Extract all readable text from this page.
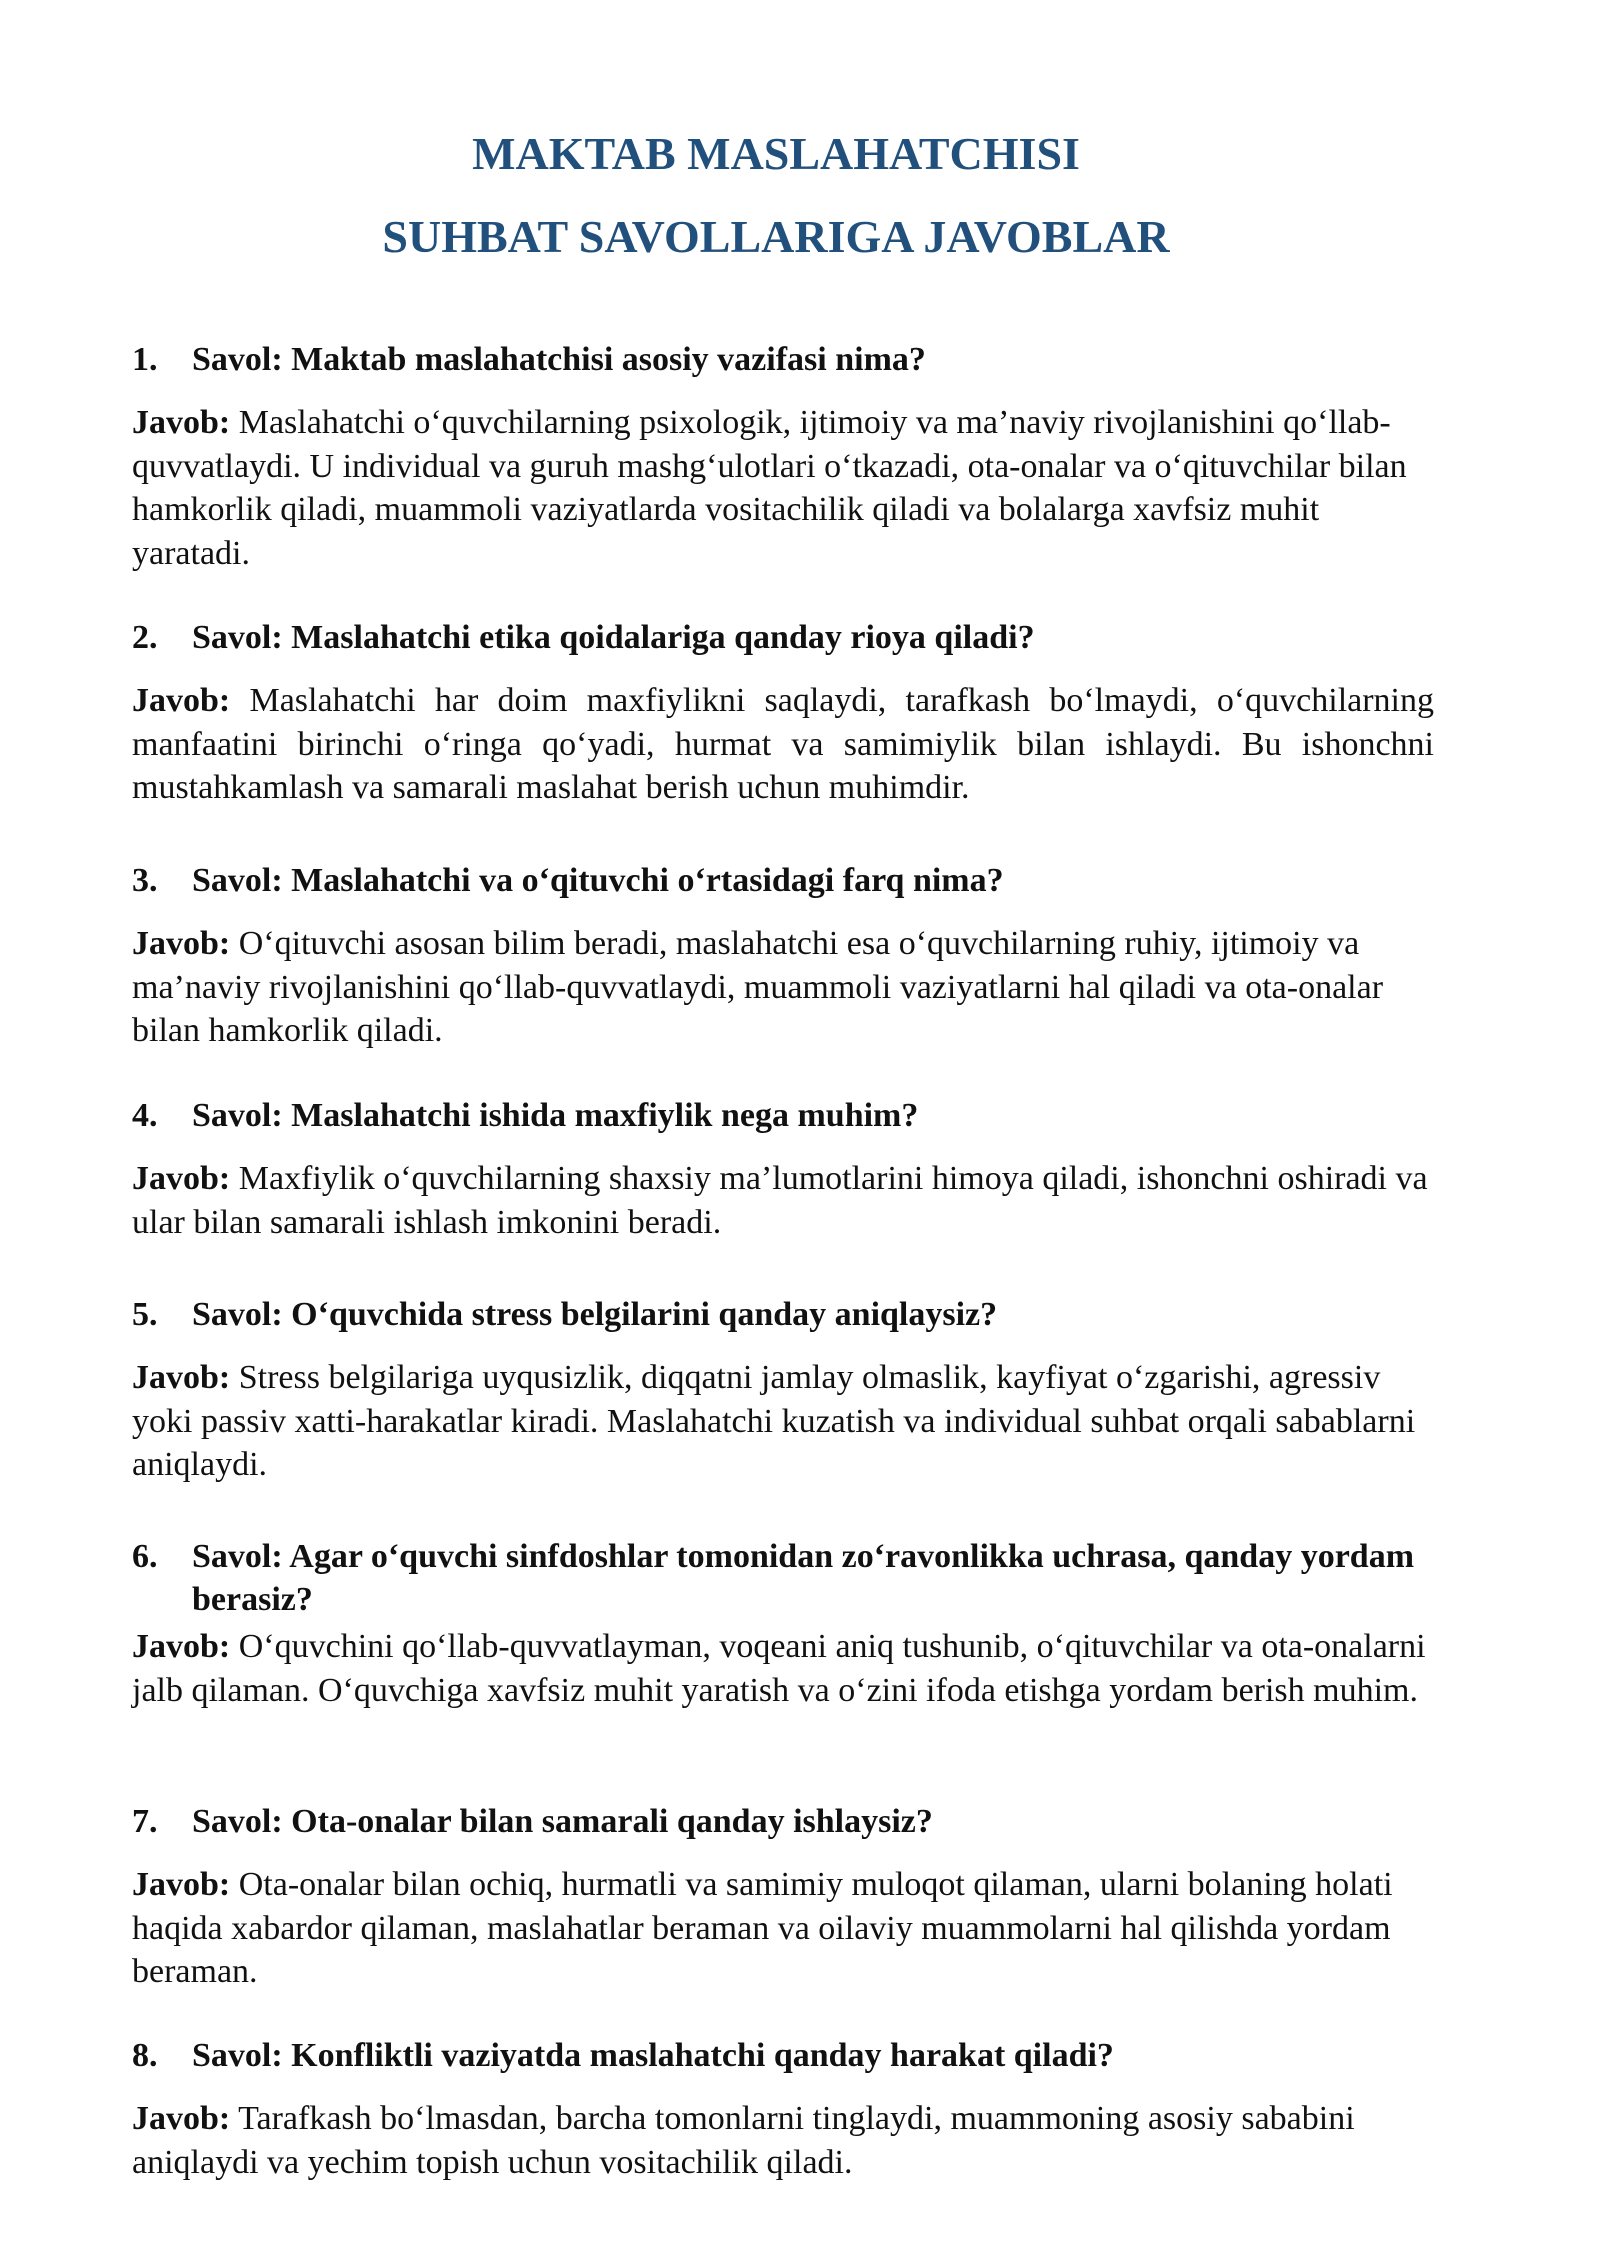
MAKTAB MASLAHATCHISI
SUHBAT SAVOLLARIGA JAVOBLAR

1. Savol: Maktab maslahatchisi asosiy vazifasi nima?

Javob: Maslahatchi o‘quvchilarning psixologik, ijtimoiy va ma’naviy rivojlanishini qo‘llab-quvvatlaydi. U individual va guruh mashg‘ulotlari o‘tkazadi, ota-onalar va o‘qituvchilar bilan hamkorlik qiladi, muammoli vaziyatlarda vositachilik qiladi va bolalarga xavfsiz muhit yaratadi.

2. Savol: Maslahatchi etika qoidalariga qanday rioya qiladi?

Javob: Maslahatchi har doim maxfiylikni saqlaydi, tarafkash bo‘lmaydi, o‘quvchilarning manfaatini birinchi o‘ringa qo‘yadi, hurmat va samimiylik bilan ishlaydi. Bu ishonchni mustahkamlash va samarali maslahat berish uchun muhimdir.

3. Savol: Maslahatchi va o‘qituvchi o‘rtasidagi farq nima?

Javob: O‘qituvchi asosan bilim beradi, maslahatchi esa o‘quvchilarning ruhiy, ijtimoiy va ma’naviy rivojlanishini qo‘llab-quvvatlaydi, muammoli vaziyatlarni hal qiladi va ota-onalar bilan hamkorlik qiladi.

4. Savol: Maslahatchi ishida maxfiylik nega muhim?

Javob: Maxfiylik o‘quvchilarning shaxsiy ma’lumotlarini himoya qiladi, ishonchni oshiradi va ular bilan samarali ishlash imkonini beradi.

5. Savol: O‘quvchida stress belgilarini qanday aniqlaysiz?

Javob: Stress belgilariga uyqusizlik, diqqatni jamlay olmaslik, kayfiyat o‘zgarishi, agressiv yoki passiv xatti-harakatlar kiradi. Maslahatchi kuzatish va individual suhbat orqali sabablarni aniqlaydi.

6. Savol: Agar o‘quvchi sinfdoshlar tomonidan zo‘ravonlikka uchrasa, qanday yordam berasiz?

Javob: O‘quvchini qo‘llab-quvvatlayman, voqeani aniq tushunib, o‘qituvchilar va ota-onalarni jalb qilaman. O‘quvchiga xavfsiz muhit yaratish va o‘zini ifoda etishga yordam berish muhim.

7. Savol: Ota-onalar bilan samarali qanday ishlaysiz?

Javob: Ota-onalar bilan ochiq, hurmatli va samimiy muloqot qilaman, ularni bolaning holati haqida xabardor qilaman, maslahatlar beraman va oilaviy muammolarni hal qilishda yordam beraman.

8. Savol: Konfliktli vaziyatda maslahatchi qanday harakat qiladi?

Javob: Tarafkash bo‘lmasdan, barcha tomonlarni tinglaydi, muammoning asosiy sababini aniqlaydi va yechim topish uchun vositachilik qiladi.
